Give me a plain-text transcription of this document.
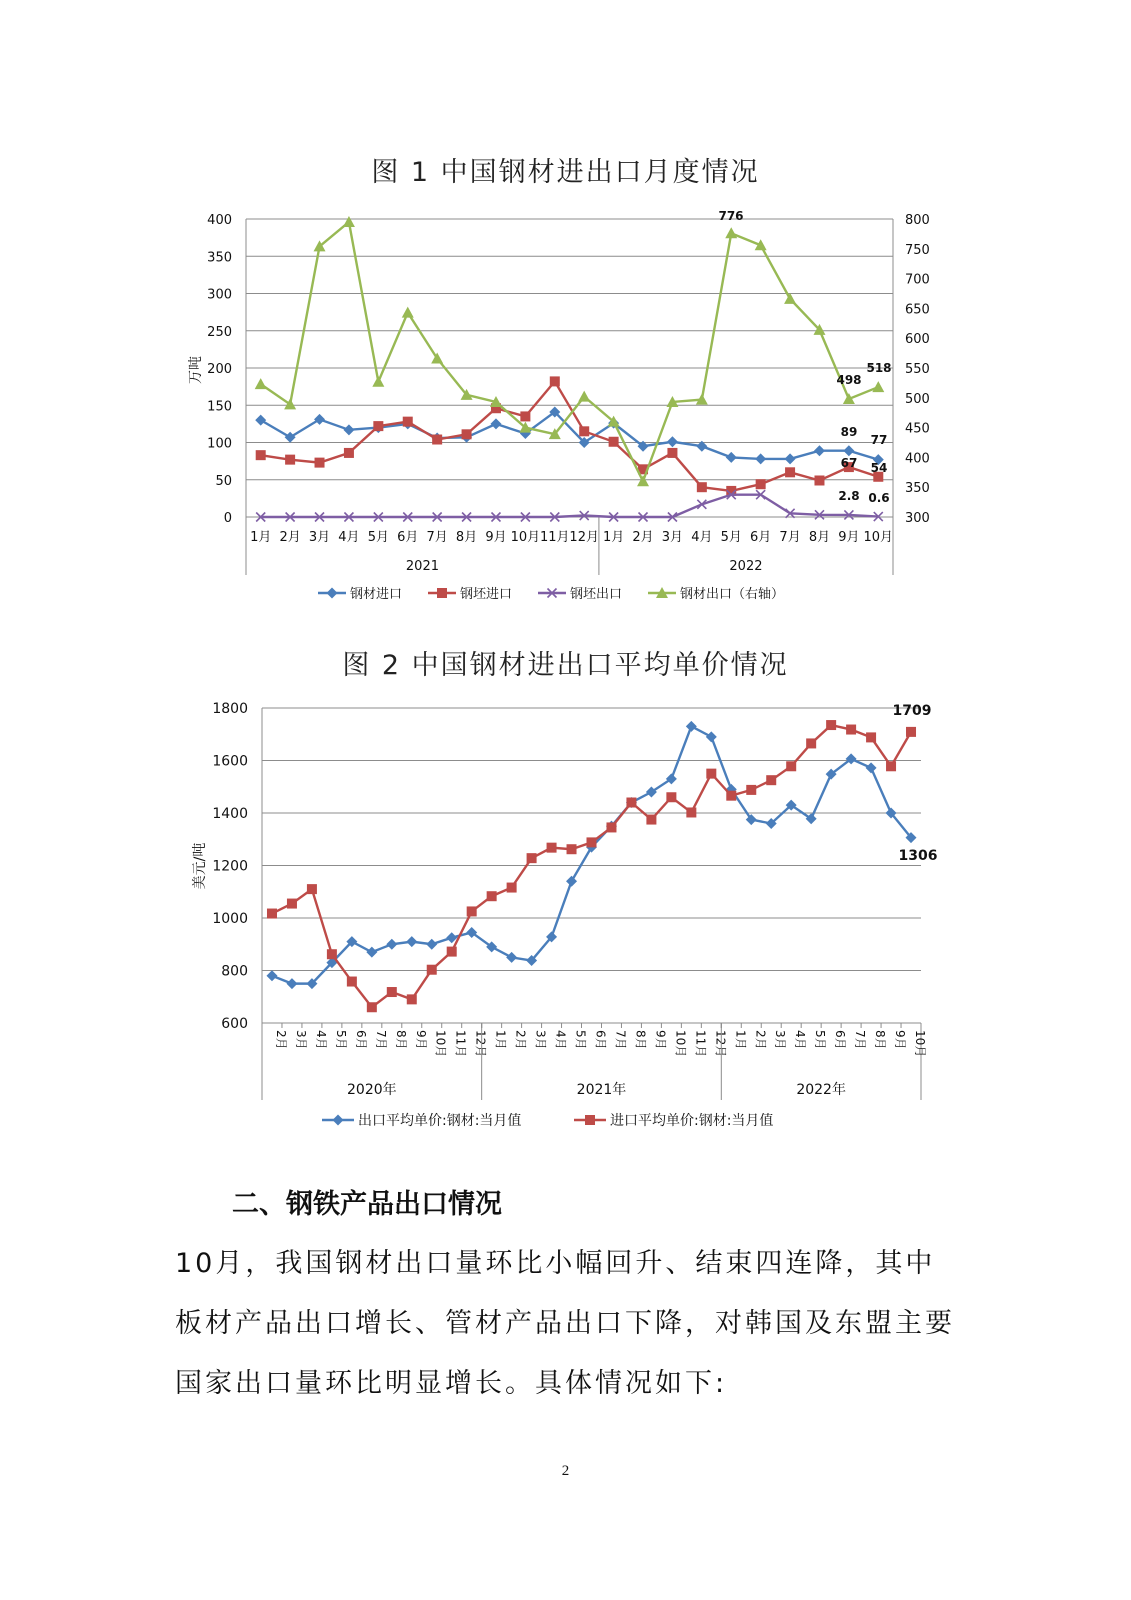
图 1 中国钢材进出口月度情况
0
50
100
150
200
250
300
350
400
300
350
400
450
500
550
600
650
700
750
800
万吨
1月 2月 3月 4月 5月 6月 7月 8月 9月 10月 11月 12月 1月 2月 3月 4月 5月 6月 7月 8月 9月 10月
2021	2022
776
498
518
89
77
67 54
2.8 0.6
钢材进口	钢坯进口	钢坯出口	钢材出口（右轴）
图 2 中国钢材进出口平均单价情况
600
800
1000
1200
1400
1600
1800
美元/吨
2月 3月 4月 5月 6月 7月 8月 9月 10月 11月 12月 1月 2月 3月 4月 5月 6月 7月 8月 9月 10月 11月 12月 1月 2月 3月 4月 5月 6月 7月 8月 9月 10月
2020年	2021年	2022年
1709
1306
出口平均单价:钢材:当月值	进口平均单价:钢材:当月值
二、钢铁产品出口情况
10月，我国钢材出口量环比小幅回升、结束四连降，其中板材产品出口增长、管材产品出口下降，对韩国及东盟主要国家出口量环比明显增长。具体情况如下:
2
